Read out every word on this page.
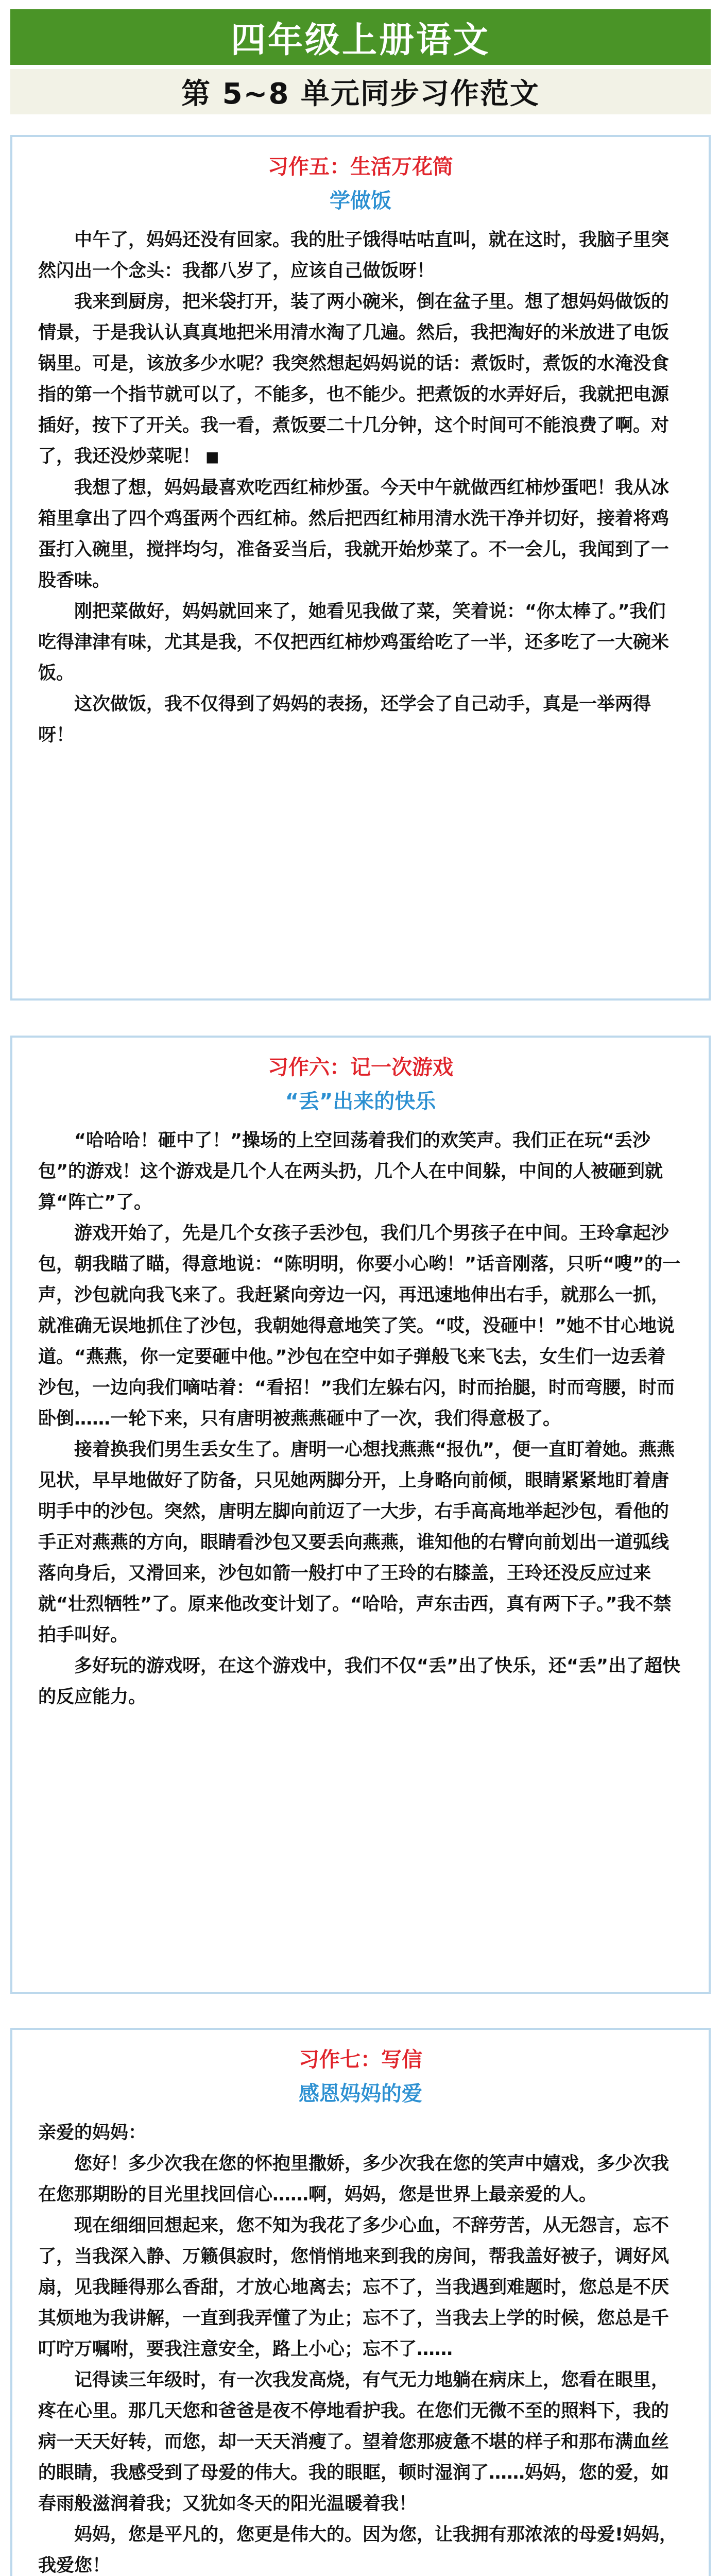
四年级上册语文
第 5~8 单元同步习作范文

习作五：生活万花筒

学做饭

中午了，妈妈还没有回家。我的肚子饿得咕咕直叫，就在这时，我脑子里突然闪出一个念头：我都八岁了，应该自己做饭呀！

我来到厨房，把米袋打开，装了两小碗米，倒在盆子里。想了想妈妈做饭的情景，于是我认认真真地把米用清水淘了几遍。然后，我把淘好的米放进了电饭锅里。可是，该放多少水呢？我突然想起妈妈说的话：煮饭时，煮饭的水淹没食指的第一个指节就可以了，不能多，也不能少。把煮饭的水弄好后，我就把电源插好，按下了开关。我一看，煮饭要二十几分钟，这个时间可不能浪费了啊。对了，我还没炒菜呢！ ■

我想了想，妈妈最喜欢吃西红柿炒蛋。今天中午就做西红柿炒蛋吧！我从冰箱里拿出了四个鸡蛋两个西红柿。然后把西红柿用清水洗干净并切好，接着将鸡蛋打入碗里，搅拌均匀，准备妥当后，我就开始炒菜了。不一会儿，我闻到了一股香味。

刚把菜做好，妈妈就回来了，她看见我做了菜，笑着说：“你太棒了。”我们吃得津津有味，尤其是我，不仅把西红柿炒鸡蛋给吃了一半，还多吃了一大碗米饭。

这次做饭，我不仅得到了妈妈的表扬，还学会了自己动手，真是一举两得呀！

习作六：记一次游戏

“丢”出来的快乐

“哈哈哈！砸中了！”操场的上空回荡着我们的欢笑声。我们正在玩“丢沙包”的游戏！这个游戏是几个人在两头扔，几个人在中间躲，中间的人被砸到就算“阵亡”了。

游戏开始了，先是几个女孩子丢沙包，我们几个男孩子在中间。王玲拿起沙包，朝我瞄了瞄，得意地说：“陈明明，你要小心哟！”话音刚落，只听“嗖”的一声，沙包就向我飞来了。我赶紧向旁边一闪，再迅速地伸出右手，就那么一抓，就准确无误地抓住了沙包，我朝她得意地笑了笑。“哎，没砸中！”她不甘心地说道。“燕燕，你一定要砸中他。”沙包在空中如子弹般飞来飞去，女生们一边丢着沙包，一边向我们嘀咕着：“看招！”我们左躲右闪，时而抬腿，时而弯腰，时而卧倒……一轮下来，只有唐明被燕燕砸中了一次，我们得意极了。

接着换我们男生丢女生了。唐明一心想找燕燕“报仇”，便一直盯着她。燕燕见状，早早地做好了防备，只见她两脚分开，上身略向前倾，眼睛紧紧地盯着唐明手中的沙包。突然，唐明左脚向前迈了一大步，右手高高地举起沙包，看他的手正对燕燕的方向，眼睛看沙包又要丢向燕燕，谁知他的右臂向前划出一道弧线落向身后，又滑回来，沙包如箭一般打中了王玲的右膝盖，王玲还没反应过来就“壮烈牺牲”了。原来他改变计划了。“哈哈，声东击西，真有两下子。”我不禁拍手叫好。

多好玩的游戏呀，在这个游戏中，我们不仅“丢”出了快乐，还“丢”出了超快的反应能力。

习作七：写信

感恩妈妈的爱

亲爱的妈妈：

您好！多少次我在您的怀抱里撒娇，多少次我在您的笑声中嬉戏，多少次我在您那期盼的目光里找回信心……啊，妈妈，您是世界上最亲爱的人。

现在细细回想起来，您不知为我花了多少心血，不辞劳苦，从无怨言，忘不了，当我深入静、万籁俱寂时，您悄悄地来到我的房间，帮我盖好被子，调好风扇，见我睡得那么香甜，才放心地离去；忘不了，当我遇到难题时，您总是不厌其烦地为我讲解，一直到我弄懂了为止；忘不了，当我去上学的时候，您总是千叮咛万嘱咐，要我注意安全，路上小心；忘不了……

记得读三年级时，有一次我发高烧，有气无力地躺在病床上，您看在眼里，疼在心里。那几天您和爸爸是夜不停地看护我。在您们无微不至的照料下，我的病一天天好转，而您，却一天天消瘦了。望着您那疲惫不堪的样子和那布满血丝的眼睛，我感受到了母爱的伟大。我的眼眶，顿时湿润了……妈妈，您的爱，如春雨般滋润着我；又犹如冬天的阳光温暖着我！

妈妈，您是平凡的，您更是伟大的。因为您，让我拥有那浓浓的母爱!妈妈，我爱您！
